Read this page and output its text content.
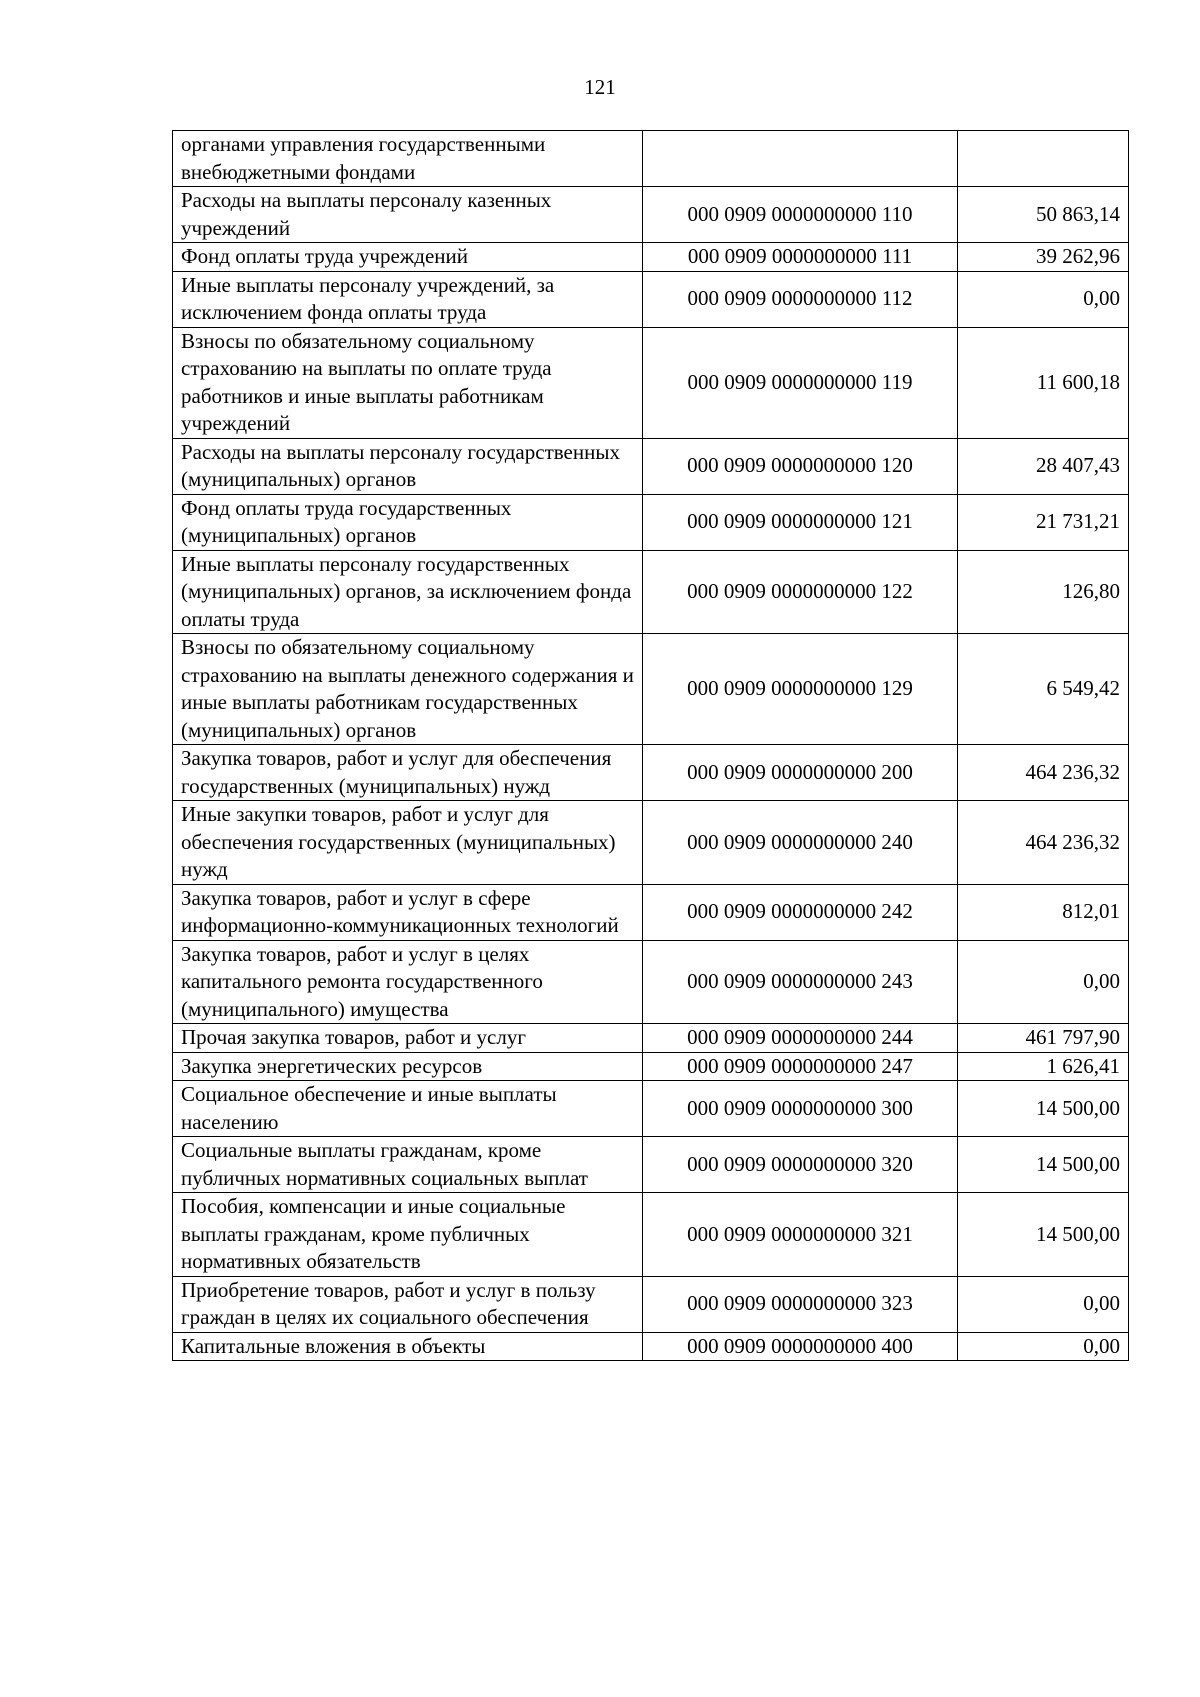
121
органами управления государственными внебюджетными фондами		
Расходы на выплаты персоналу казенных учреждений	000 0909 0000000000 110	50 863,14
Фонд оплаты труда учреждений	000 0909 0000000000 111	39 262,96
Иные выплаты персоналу учреждений, за исключением фонда оплаты труда	000 0909 0000000000 112	0,00
Взносы по обязательному социальному страхованию на выплаты по оплате труда работников и иные выплаты работникам учреждений	000 0909 0000000000 119	11 600,18
Расходы на выплаты персоналу государственных (муниципальных) органов	000 0909 0000000000 120	28 407,43
Фонд оплаты труда государственных (муниципальных) органов	000 0909 0000000000 121	21 731,21
Иные выплаты персоналу государственных (муниципальных) органов, за исключением фонда оплаты труда	000 0909 0000000000 122	126,80
Взносы по обязательному социальному страхованию на выплаты денежного содержания и иные выплаты работникам государственных (муниципальных) органов	000 0909 0000000000 129	6 549,42
Закупка товаров, работ и услуг для обеспечения государственных (муниципальных) нужд	000 0909 0000000000 200	464 236,32
Иные закупки товаров, работ и услуг для обеспечения государственных (муниципальных) нужд	000 0909 0000000000 240	464 236,32
Закупка товаров, работ и услуг в сфере информационно-коммуникационных технологий	000 0909 0000000000 242	812,01
Закупка товаров, работ и услуг в целях капитального ремонта государственного (муниципального) имущества	000 0909 0000000000 243	0,00
Прочая закупка товаров, работ и услуг	000 0909 0000000000 244	461 797,90
Закупка энергетических ресурсов	000 0909 0000000000 247	1 626,41
Социальное обеспечение и иные выплаты населению	000 0909 0000000000 300	14 500,00
Социальные выплаты гражданам, кроме публичных нормативных социальных выплат	000 0909 0000000000 320	14 500,00
Пособия, компенсации и иные социальные выплаты гражданам, кроме публичных нормативных обязательств	000 0909 0000000000 321	14 500,00
Приобретение товаров, работ и услуг в пользу граждан в целях их социального обеспечения	000 0909 0000000000 323	0,00
Капитальные вложения в объекты	000 0909 0000000000 400	0,00
